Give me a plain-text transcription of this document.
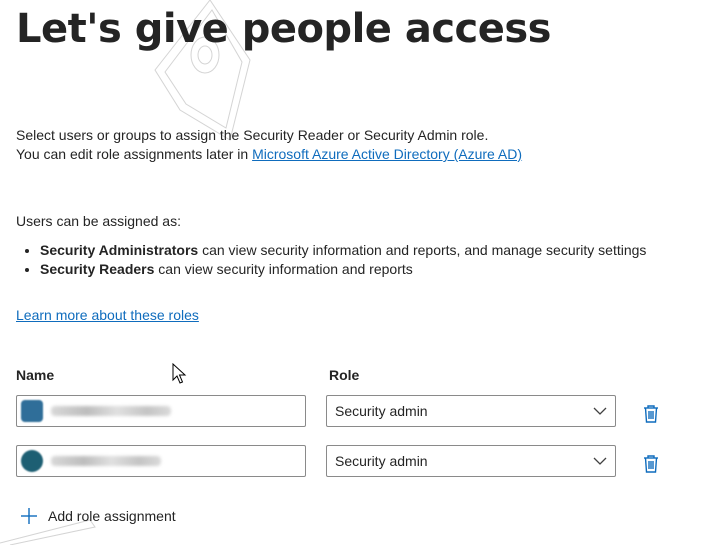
Let's give people access
Select users or groups to assign the Security Reader or Security Admin role.
You can edit role assignments later in Microsoft Azure Active Directory (Azure AD)
Users can be assigned as:
• Security Administrators can view security information and reports, and manage security settings
• Security Readers can view security information and reports
Learn more about these roles
Name	Role
Security admin
Security admin
Add role assignment
